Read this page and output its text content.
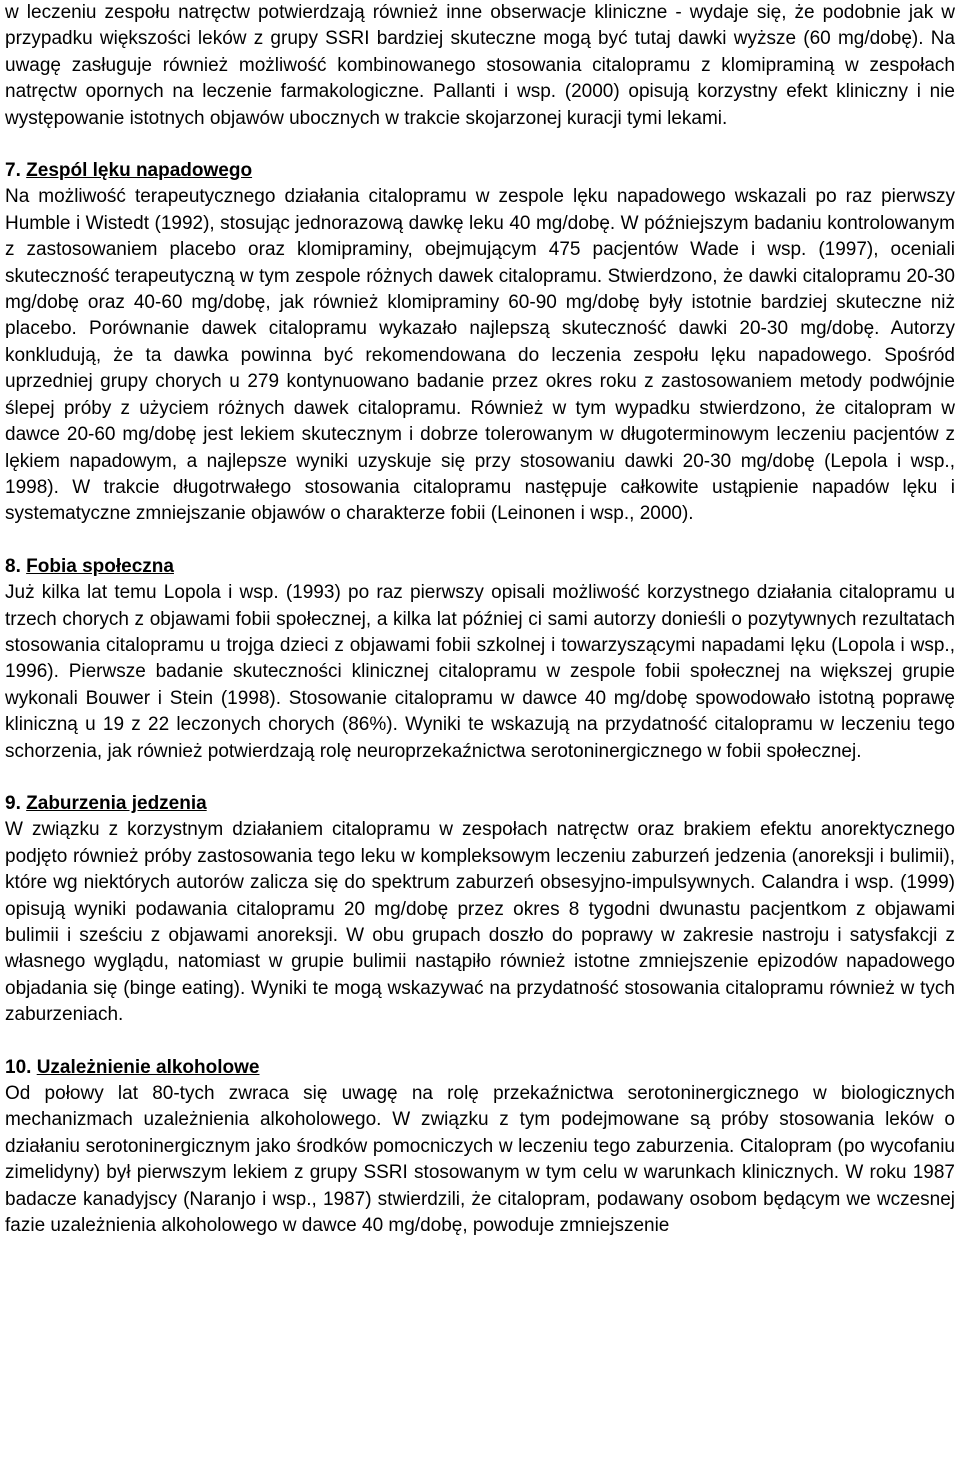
w leczeniu zespołu natręctw potwierdzają również inne obserwacje kliniczne - wydaje się, że podobnie jak w przypadku większości leków z grupy SSRI bardziej skuteczne mogą być tutaj dawki wyższe (60 mg/dobę). Na uwagę zasługuje również możliwość kombinowanego stosowania citalopramu z klomipraminą w zespołach natręctw opornych na leczenie farmakologiczne. Pallanti i wsp. (2000) opisują korzystny efekt kliniczny i nie występowanie istotnych objawów ubocznych w trakcie skojarzonej kuracji tymi lekami.

7. Zespól lęku napadowego

Na możliwość terapeutycznego działania citalopramu w zespole lęku napadowego wskazali po raz pierwszy Humble i Wistedt (1992), stosując jednorazową dawkę leku 40 mg/dobę. W późniejszym badaniu kontrolowanym z zastosowaniem placebo oraz klomipraminy, obejmującym 475 pacjentów Wade i wsp. (1997), oceniali skuteczność terapeutyczną w tym zespole różnych dawek citalopramu. Stwierdzono, że dawki citalopramu 20-30 mg/dobę oraz 40-60 mg/dobę, jak również klomipraminy 60-90 mg/dobę były istotnie bardziej skuteczne niż placebo. Porównanie dawek citalopramu wykazało najlepszą skuteczność dawki 20-30 mg/dobę. Autorzy konkludują, że ta dawka powinna być rekomendowana do leczenia zespołu lęku napadowego. Spośród uprzedniej grupy chorych u 279 kontynuowano badanie przez okres roku z zastosowaniem metody podwójnie ślepej próby z użyciem różnych dawek citalopramu. Również w tym wypadku stwierdzono, że citalopram w dawce 20-60 mg/dobę jest lekiem skutecznym i dobrze tolerowanym w długoterminowym leczeniu pacjentów z lękiem napadowym, a najlepsze wyniki uzyskuje się przy stosowaniu dawki 20-30 mg/dobę (Lepola i wsp., 1998). W trakcie długotrwałego stosowania citalopramu następuje całkowite ustąpienie napadów lęku i systematyczne zmniejszanie objawów o charakterze fobii (Leinonen i wsp., 2000).

8. Fobia społeczna

Już kilka lat temu Lopola i wsp. (1993) po raz pierwszy opisali możliwość korzystnego działania citalopramu u trzech chorych z objawami fobii społecznej, a kilka lat później ci sami autorzy donieśli o pozytywnych rezultatach stosowania citalopramu u trojga dzieci z objawami fobii szkolnej i towarzyszącymi napadami lęku (Lopola i wsp., 1996). Pierwsze badanie skuteczności klinicznej citalopramu w zespole fobii społecznej na większej grupie wykonali Bouwer i Stein (1998). Stosowanie citalopramu w dawce 40 mg/dobę spowodowało istotną poprawę kliniczną u 19 z 22 leczonych chorych (86%). Wyniki te wskazują na przydatność citalopramu w leczeniu tego schorzenia, jak również potwierdzają rolę neuroprzekaźnictwa serotoninergicznego w fobii społecznej.

9. Zaburzenia jedzenia

W związku z korzystnym działaniem citalopramu w zespołach natręctw oraz brakiem efektu anorektycznego podjęto również próby zastosowania tego leku w kompleksowym leczeniu zaburzeń jedzenia (anoreksji i bulimii), które wg niektórych autorów zalicza się do spektrum zaburzeń obsesyjno-impulsywnych. Calandra i wsp. (1999) opisują wyniki podawania citalopramu 20 mg/dobę przez okres 8 tygodni dwunastu pacjentkom z objawami bulimii i sześciu z objawami anoreksji. W obu grupach doszło do poprawy w zakresie nastroju i satysfakcji z własnego wyglądu, natomiast w grupie bulimii nastąpiło również istotne zmniejszenie epizodów napadowego objadania się (binge eating). Wyniki te mogą wskazywać na przydatność stosowania citalopramu również w tych zaburzeniach.

10. Uzależnienie alkoholowe

Od połowy lat 80-tych zwraca się uwagę na rolę przekaźnictwa serotoninergicznego w biologicznych mechanizmach uzależnienia alkoholowego. W związku z tym podejmowane są próby stosowania leków o działaniu serotoninergicznym jako środków pomocniczych w leczeniu tego zaburzenia. Citalopram (po wycofaniu zimelidyny) był pierwszym lekiem z grupy SSRI stosowanym w tym celu w warunkach klinicznych. W roku 1987 badacze kanadyjscy (Naranjo i wsp., 1987) stwierdzili, że citalopram, podawany osobom będącym we wczesnej fazie uzależnienia alkoholowego w dawce 40 mg/dobę, powoduje zmniejszenie
